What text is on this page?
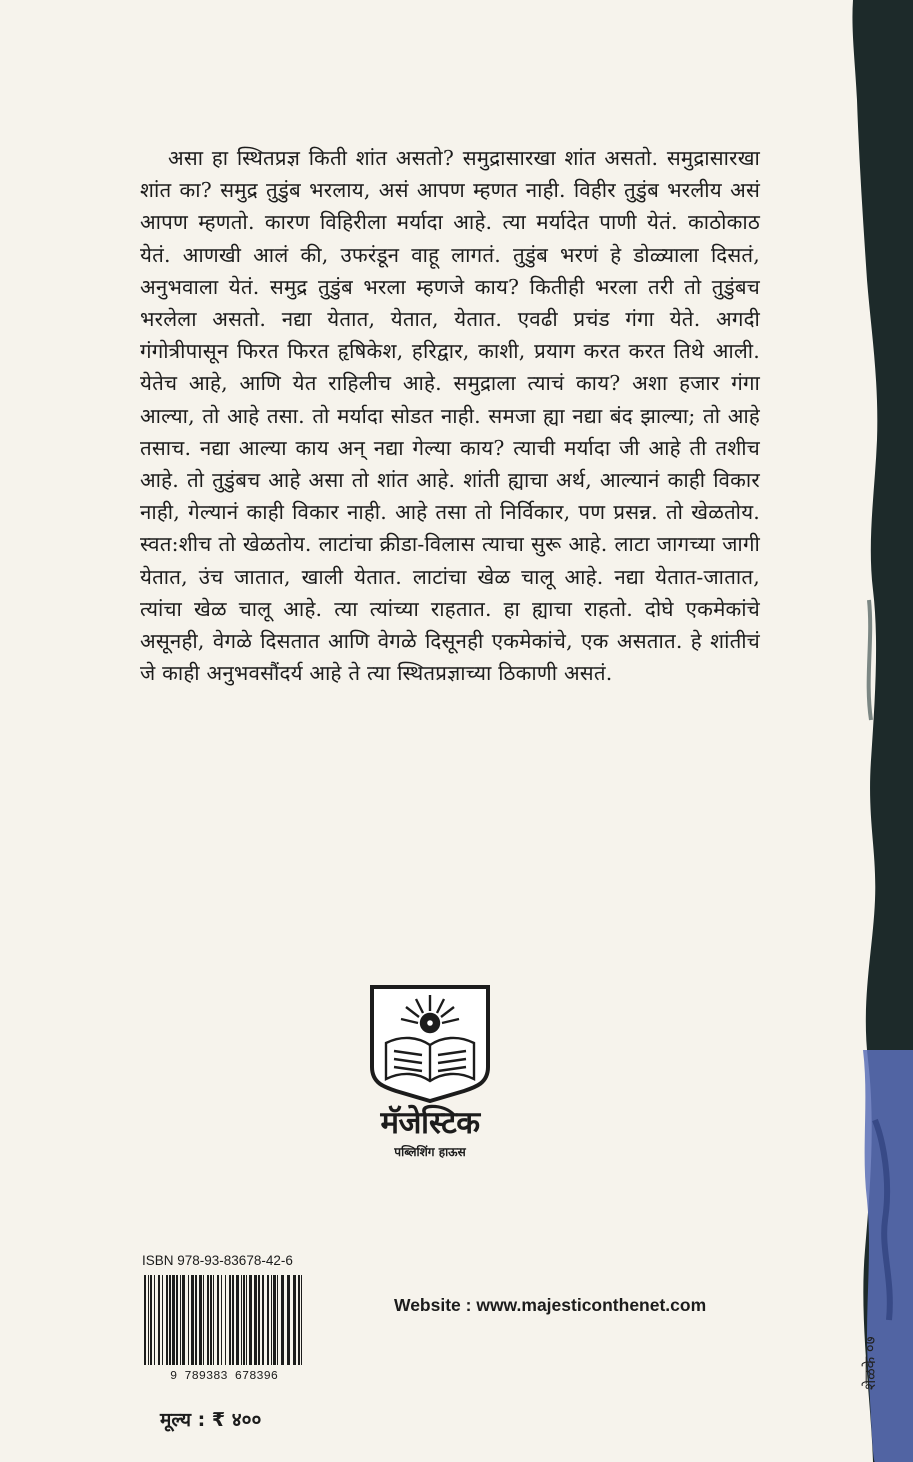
असा हा स्थितप्रज्ञ किती शांत असतो? समुद्रासारखा शांत असतो. समुद्रासारखा शांत का? समुद्र तुडुंब भरलाय, असं आपण म्हणत नाही. विहीर तुडुंब भरलीय असं आपण म्हणतो. कारण विहिरीला मर्यादा आहे. त्या मर्यादेत पाणी येतं. काठोकाठ येतं. आणखी आलं की, उफरंडून वाहू लागतं. तुडुंब भरणं हे डोळ्याला दिसतं, अनुभवाला येतं. समुद्र तुडुंब भरला म्हणजे काय? कितीही भरला तरी तो तुडुंबच भरलेला असतो. नद्या येतात, येतात, येतात. एवढी प्रचंड गंगा येते. अगदी गंगोत्रीपासून फिरत फिरत हृषिकेश, हरिद्वार, काशी, प्रयाग करत करत तिथे आली. येतेच आहे, आणि येत राहिलीच आहे. समुद्राला त्याचं काय? अशा हजार गंगा आल्या, तो आहे तसा. तो मर्यादा सोडत नाही. समजा ह्या नद्या बंद झाल्या; तो आहे तसाच. नद्या आल्या काय अन् नद्या गेल्या काय? त्याची मर्यादा जी आहे ती तशीच आहे. तो तुडुंबच आहे असा तो शांत आहे. शांती ह्याचा अर्थ, आल्यानं काही विकार नाही, गेल्यानं काही विकार नाही. आहे तसा तो निर्विकार, पण प्रसन्न. तो खेळतोय. स्वत:शीच तो खेळतोय. लाटांचा क्रीडा-विलास त्याचा सुरू आहे. लाटा जागच्या जागी येतात, उंच जातात, खाली येतात. लाटांचा खेळ चालू आहे. नद्या येतात-जातात, त्यांचा खेळ चालू आहे. त्या त्यांच्या राहतात. हा ह्याचा राहतो. दोघे एकमेकांचे असूनही, वेगळे दिसतात आणि वेगळे दिसूनही एकमेकांचे, एक असतात. हे शांतीचं जे काही अनुभवसौंदर्य आहे ते त्या स्थितप्रज्ञाच्या ठिकाणी असतं.

मॅजेस्टिक
पब्लिशिंग हाऊस
ISBN 978-93-83678-42-6
9 789383 678396
Website : www.majesticonthenet.com
मूल्य : ₹ ४००
शेळके ०७
